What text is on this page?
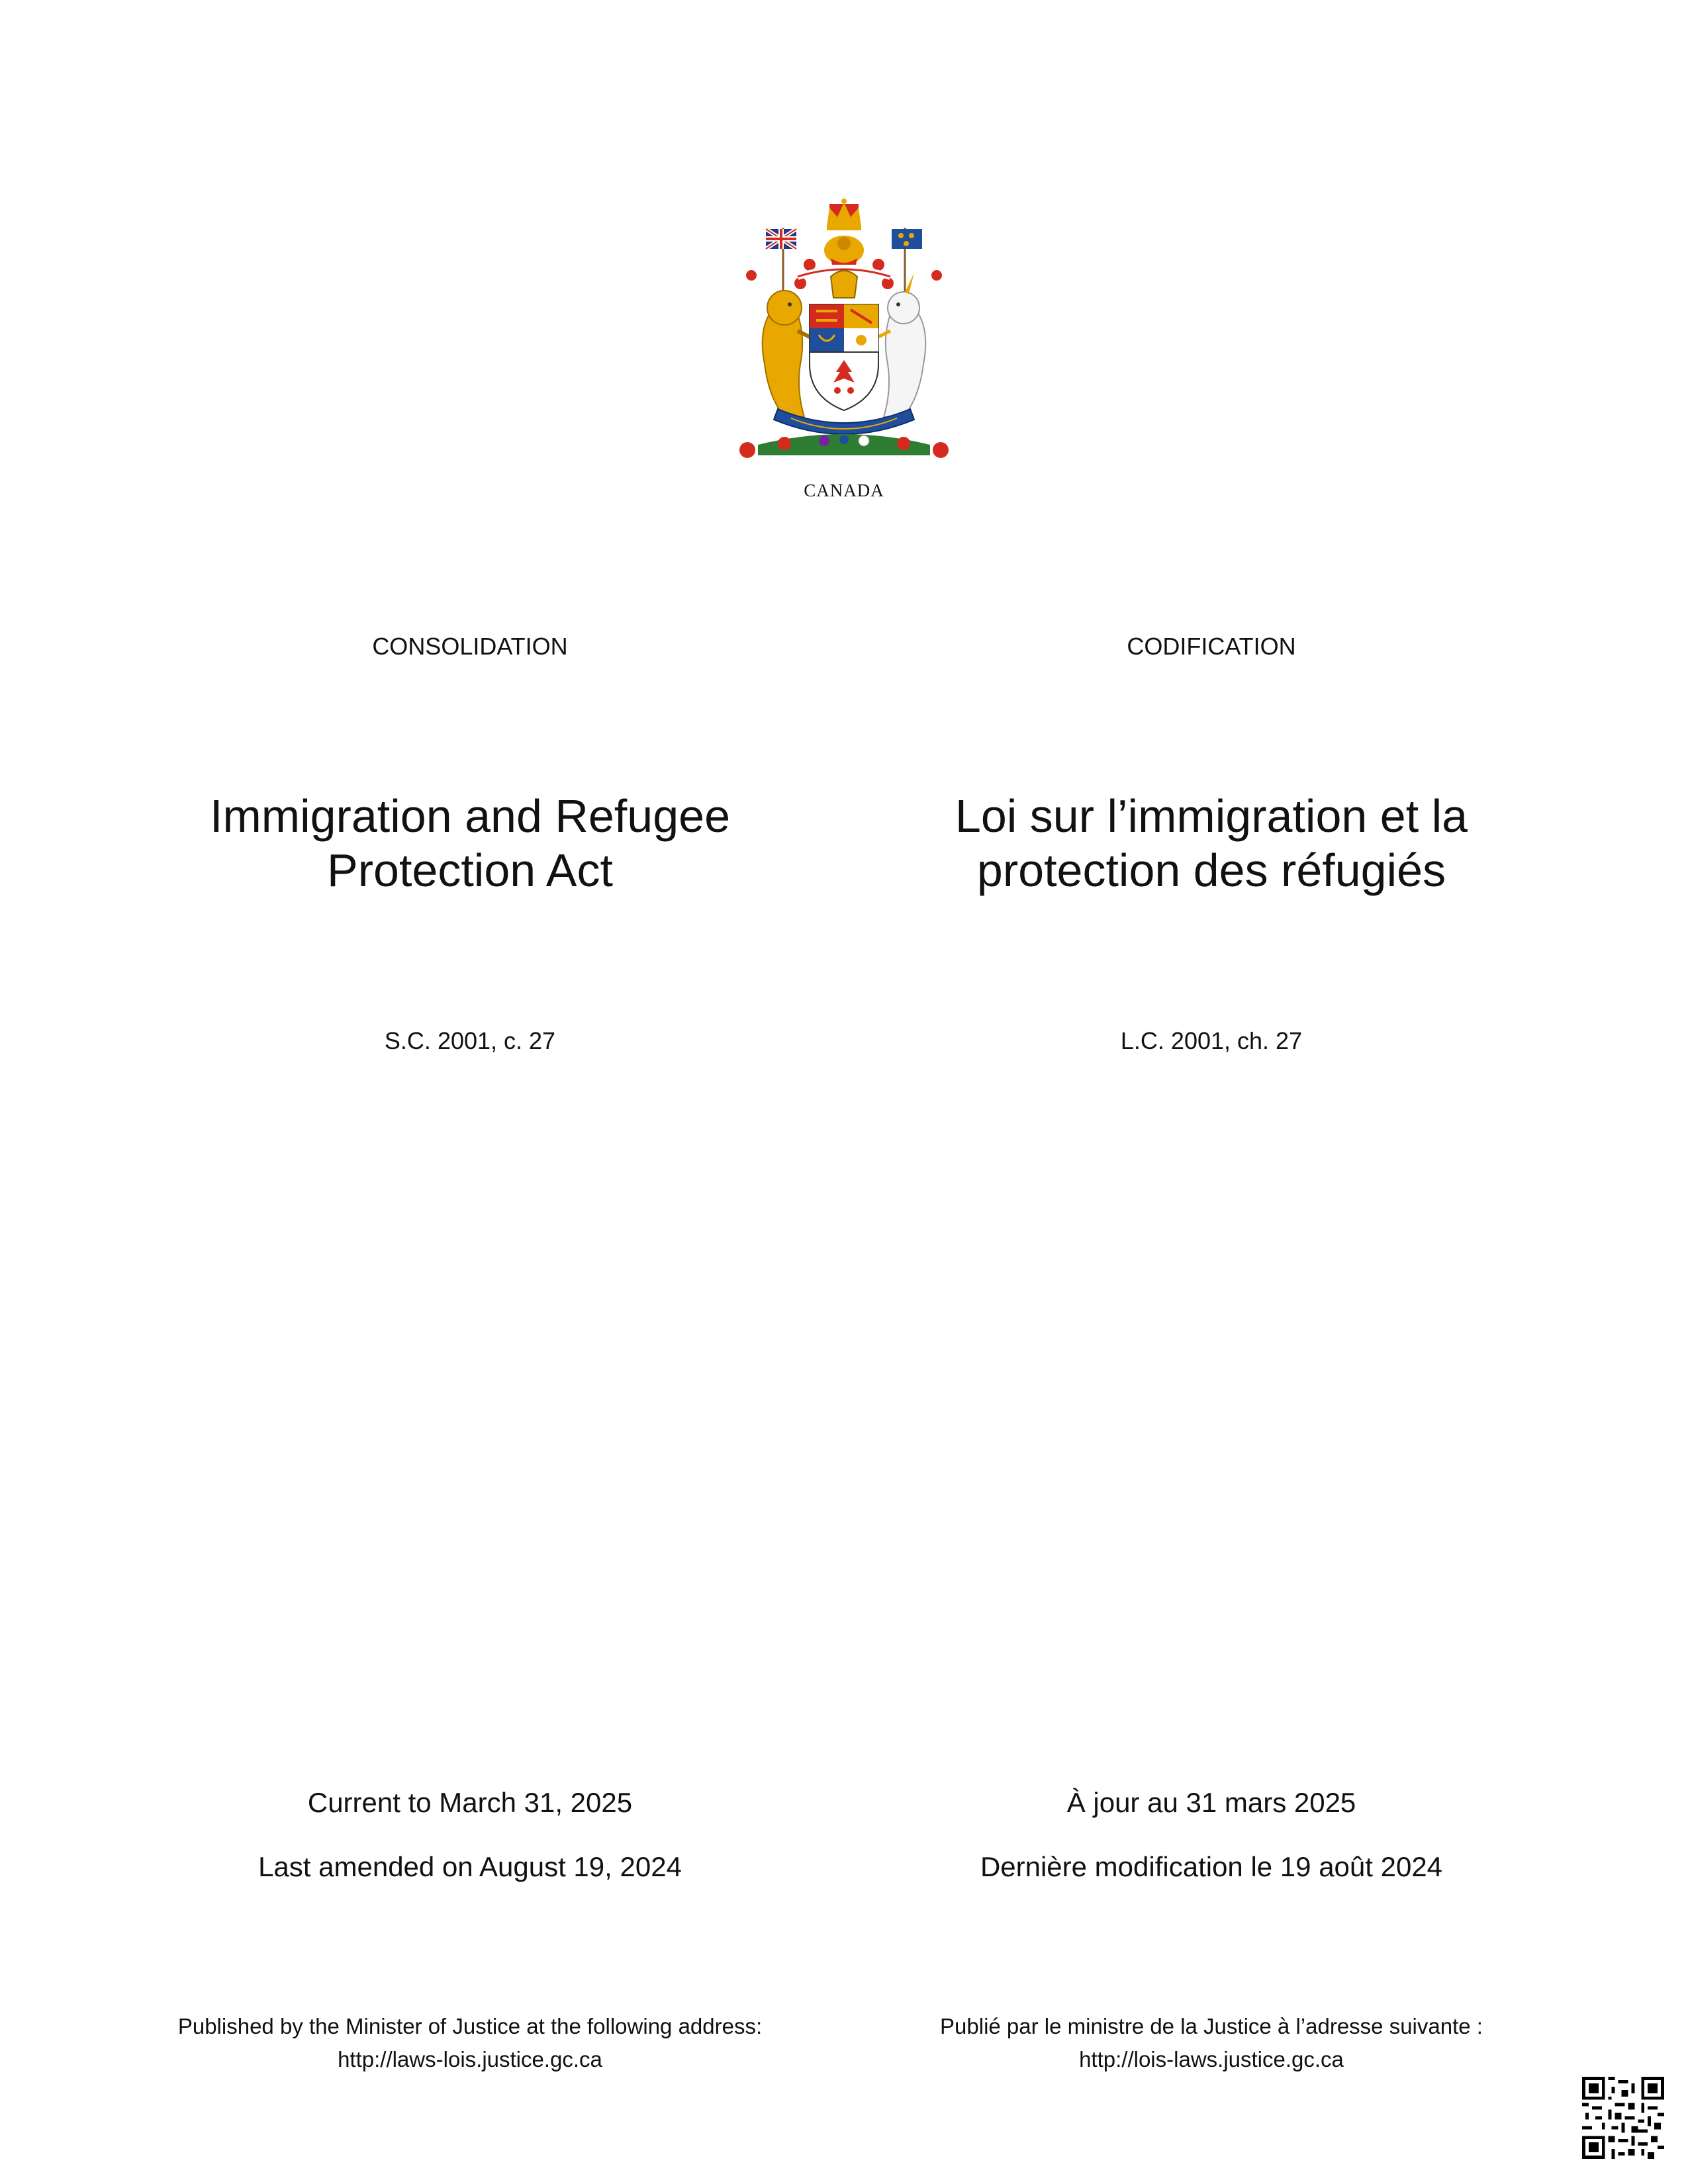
CANADA
CONSOLIDATION	CODIFICATION
Immigration and Refugee
Protection Act
Loi sur l’immigration et la
protection des réfugiés
S.C. 2001, c. 27	L.C. 2001, ch. 27
Current to March 31, 2025	À jour au 31 mars 2025
Last amended on August 19, 2024	Dernière modification le 19 août 2024
Published by the Minister of Justice at the following address:
http://laws-lois.justice.gc.ca
Publié par le ministre de la Justice à l’adresse suivante :
http://lois-laws.justice.gc.ca
